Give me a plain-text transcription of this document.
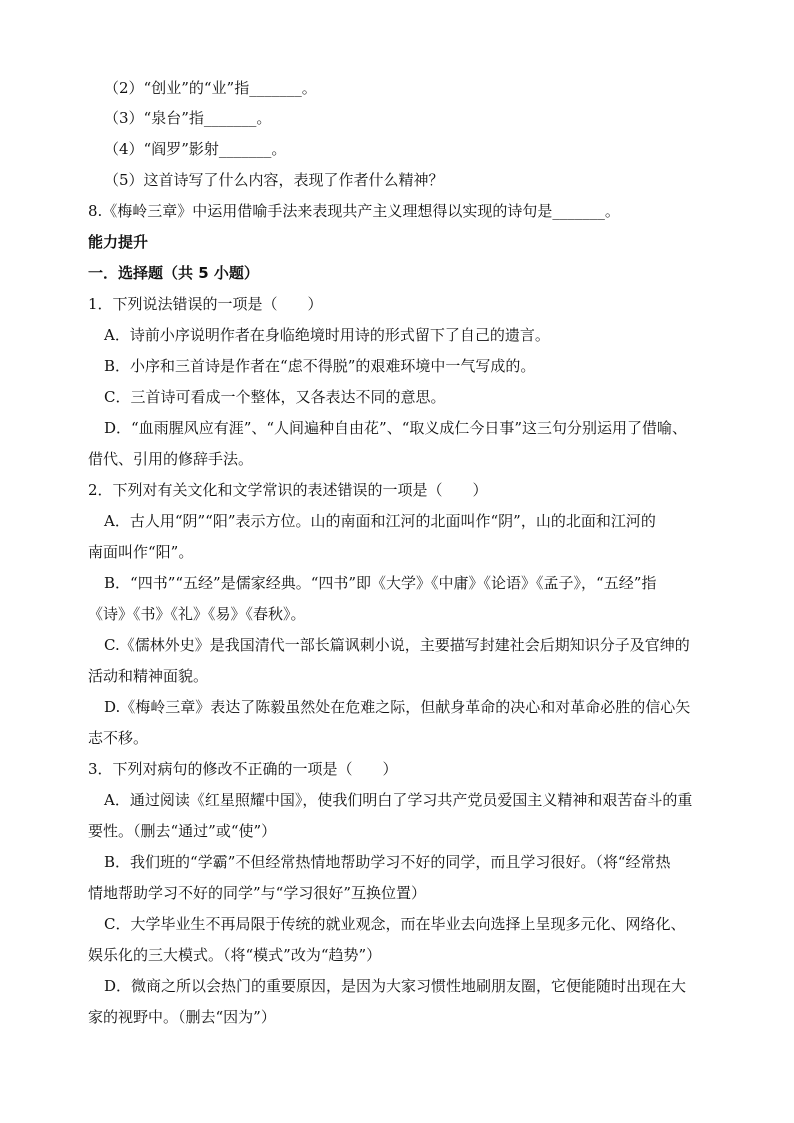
（2）“创业”的“业”指_______。

（3）“泉台”指_______。

（4）“阎罗”影射_______。

（5）这首诗写了什么内容，表现了作者什么精神？

8.《梅岭三章》中运用借喻手法来表现共产主义理想得以实现的诗句是_______。

能力提升

一．选择题（共 5 小题）

1．下列说法错误的一项是（　　）

A．诗前小序说明作者在身临绝境时用诗的形式留下了自己的遗言。

B．小序和三首诗是作者在“虑不得脱”的艰难环境中一气写成的。

C．三首诗可看成一个整体，又各表达不同的意思。

D．“血雨腥风应有涯”、“人间遍种自由花”、“取义成仁今日事”这三句分别运用了借喻、

借代、引用的修辞手法。

2．下列对有关文化和文学常识的表述错误的一项是（　　）

A．古人用“阴”“阳”表示方位。山的南面和江河的北面叫作“阴”，山的北面和江河的

南面叫作“阳”。

B．“四书”“五经”是儒家经典。“四书”即《大学》《中庸》《论语》《孟子》，“五经”指

《诗》《书》《礼》《易》《春秋》。

C.《儒林外史》是我国清代一部长篇讽刺小说，主要描写封建社会后期知识分子及官绅的

活动和精神面貌。

D.《梅岭三章》表达了陈毅虽然处在危难之际，但献身革命的决心和对革命必胜的信心矢

志不移。

3．下列对病句的修改不正确的一项是（　　）

A．通过阅读《红星照耀中国》，使我们明白了学习共产党员爱国主义精神和艰苦奋斗的重

要性。（删去“通过”或“使”）

B．我们班的“学霸”不但经常热情地帮助学习不好的同学，而且学习很好。（将“经常热

情地帮助学习不好的同学”与“学习很好”互换位置）

C．大学毕业生不再局限于传统的就业观念，而在毕业去向选择上呈现多元化、网络化、

娱乐化的三大模式。（将“模式”改为“趋势”）

D．微商之所以会热门的重要原因，是因为大家习惯性地刷朋友圈，它便能随时出现在大

家的视野中。（删去“因为”）
